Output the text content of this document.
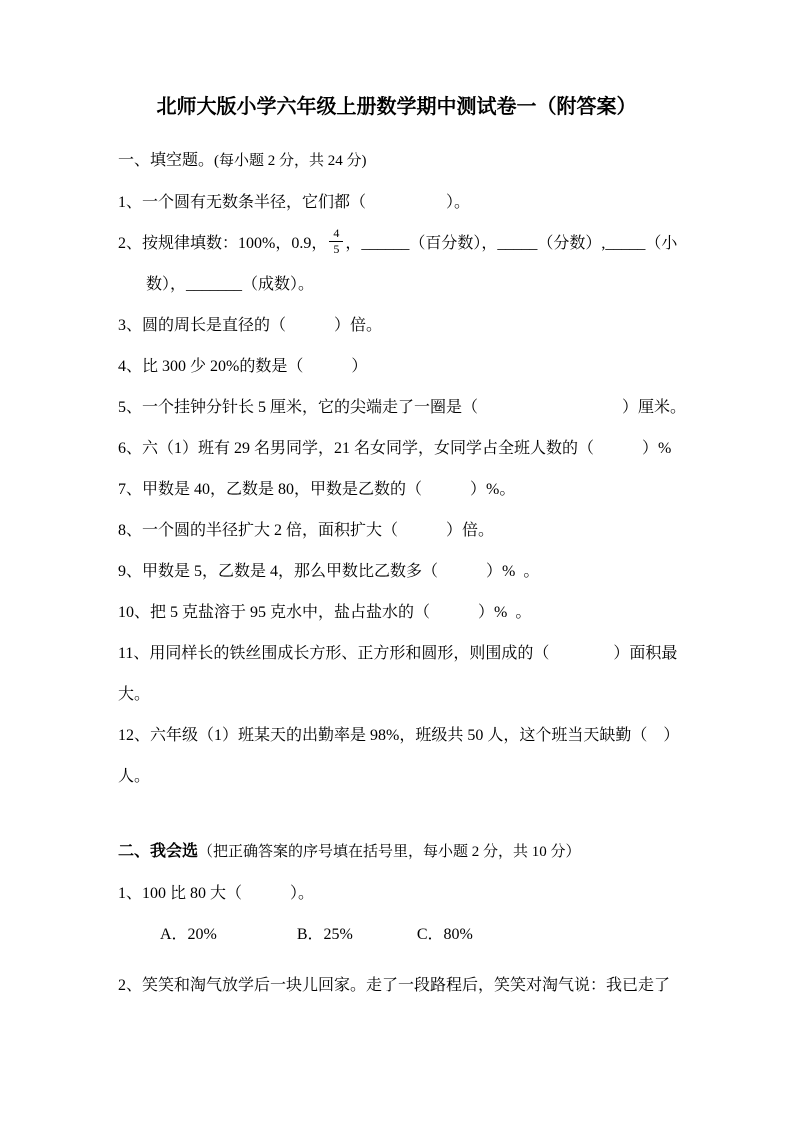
北师大版小学六年级上册数学期中测试卷一（附答案）
一、填空题。(每小题 2 分，共 24 分)
1、一个圆有无数条半径，它们都（　　　　　）。
2、按规律填数：100%，0.9， $\frac{4}{5}$ ，______（百分数），_____（分数）,_____（小
数），_______（成数）。
3、圆的周长是直径的（　　　）倍。
4、比 300 少 20%的数是（　　　）
5、一个挂钟分针长 5 厘米，它的尖端走了一圈是（　　　　　　　　　）厘米。
6、六（1）班有 29 名男同学，21 名女同学，女同学占全班人数的（　　　）%
7、甲数是 40，乙数是 80，甲数是乙数的（　　　）%。
8、一个圆的半径扩大 2 倍，面积扩大（　　　）倍。
9、甲数是 5，乙数是 4，那么甲数比乙数多（　　　）%  。
10、把 5 克盐溶于 95 克水中，盐占盐水的（　　　）%  。
11、用同样长的铁丝围成长方形、正方形和圆形，则围成的（　　　　）面积最
大。
12、六年级（1）班某天的出勤率是 98%，班级共 50 人，这个班当天缺勤（　）
人。
二、我会选（把正确答案的序号填在括号里，每小题 2 分，共 10 分）
1、100 比 80 大（　　　）。
A．20%　　　　　B．25%　　　　C．80%
2、笑笑和淘气放学后一块儿回家。走了一段路程后，笑笑对淘气说：我已走了
